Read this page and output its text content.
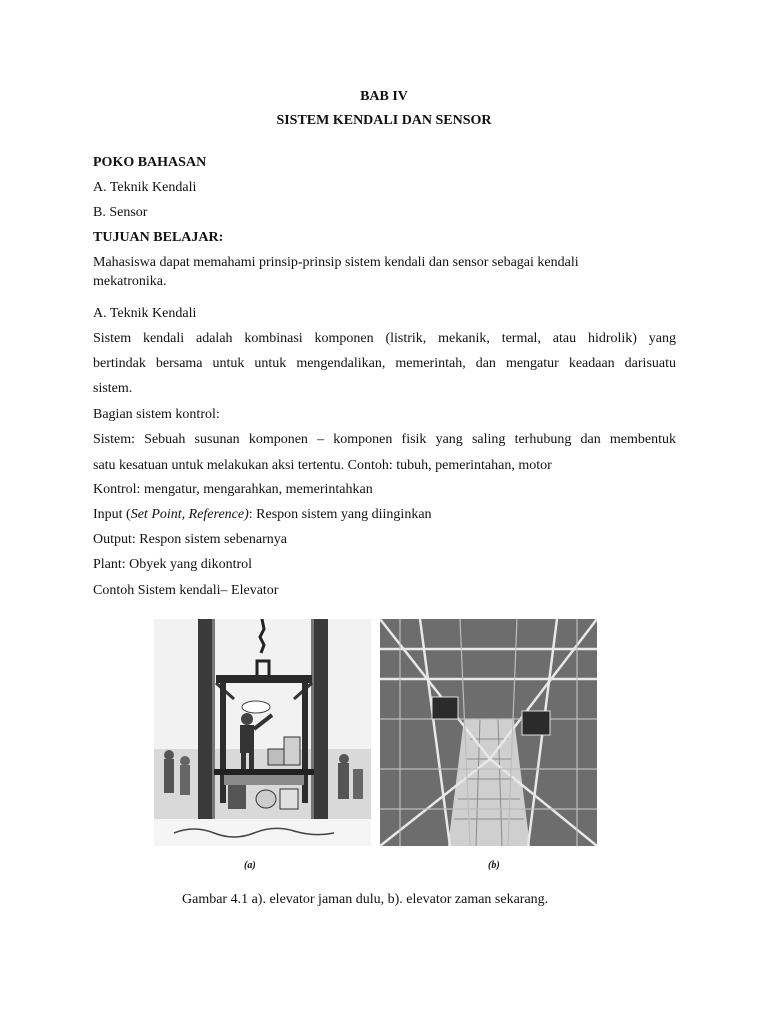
BAB IV
SISTEM KENDALI DAN SENSOR
POKO BAHASAN
A. Teknik Kendali
B. Sensor
TUJUAN BELAJAR:
Mahasiswa dapat memahami prinsip-prinsip sistem kendali dan sensor sebagai kendali
mekatronika.
A. Teknik Kendali
Sistem kendali adalah kombinasi komponen (listrik, mekanik, termal, atau hidrolik) yang
bertindak bersama untuk untuk mengendalikan, memerintah, dan mengatur keadaan darisuatu
sistem.
Bagian sistem kontrol:
Sistem: Sebuah susunan komponen – komponen fisik yang saling terhubung dan membentuk
satu kesatuan untuk melakukan aksi tertentu. Contoh: tubuh, pemerintahan, motor
Kontrol: mengatur, mengarahkan, memerintahkan
Input (Set Point, Reference): Respon sistem yang diinginkan
Output: Respon sistem sebenarnya
Plant: Obyek yang dikontrol
Contoh Sistem kendali– Elevator
(a)	(b)
Gambar 4.1 a). elevator jaman dulu, b). elevator zaman sekarang.
